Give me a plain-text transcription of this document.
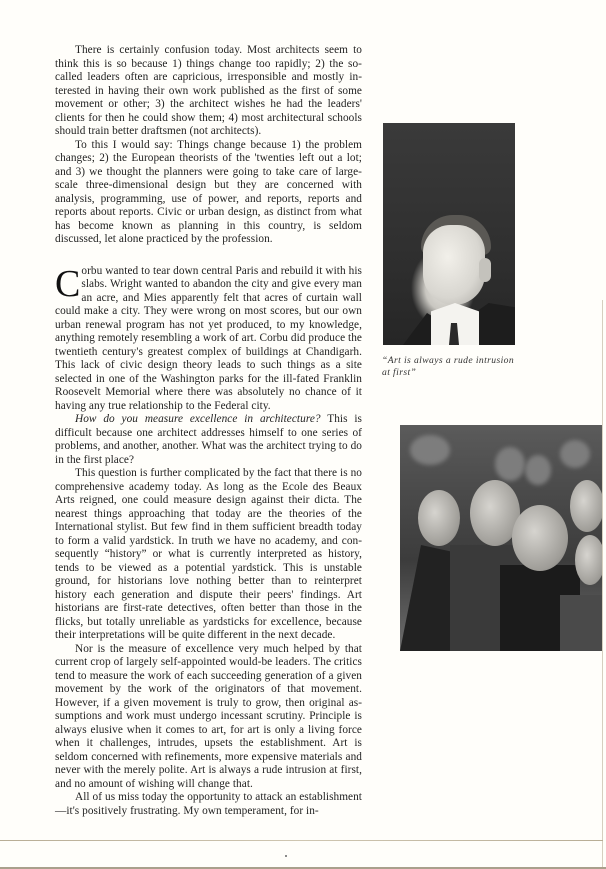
There is certainly confusion today. Most architects seem to think this is so because 1) things change too rapidly; 2) the so-called leaders often are capricious, irresponsible and mostly interested in having their own work published as the first of some movement or other; 3) the architect wishes he had the leaders' clients for then he could show them; 4) most architectural schools should train better draftsmen (not architects).

To this I would say: Things change because 1) the problem changes; 2) the European theorists of the 'twenties left out a lot; and 3) we thought the planners were going to take care of large-scale three-dimensional design but they are concerned with analysis, programming, use of power, and reports, reports and reports about reports. Civic or urban design, as distinct from what has become known as planning in this country, is seldom discussed, let alone practiced by the profession.

Corbu wanted to tear down central Paris and rebuild it with his slabs. Wright wanted to abandon the city and give every man an acre, and Mies apparently felt that acres of curtain wall could make a city. They were wrong on most scores, but our own urban renewal program has not yet produced, to my knowledge, anything remotely resembling a work of art. Corbu did produce the twentieth century's greatest complex of buildings at Chandigarh. This lack of civic design theory leads to such things as a site selected in one of the Washington parks for the ill-fated Franklin Roosevelt Memorial where there was absolutely no chance of it having any true relationship to the Federal city.

How do you measure excellence in architecture? This is difficult because one architect addresses himself to one series of problems, and another, another. What was the architect trying to do in the first place?

This question is further complicated by the fact that there is no comprehensive academy today. As long as the Ecole des Beaux Arts reigned, one could measure design against their dicta. The nearest things approaching that today are the theories of the International stylist. But few find in them sufficient breadth today to form a valid yardstick. In truth we have no academy, and consequently “history” or what is currently interpreted as history, tends to be viewed as a potential yardstick. This is unstable ground, for historians love nothing better than to reinterpret history each generation and dispute their peers' findings. Art historians are first-rate detectives, often better than those in the flicks, but totally unreliable as yardsticks for excellence, because their interpretations will be quite different in the next decade.

Nor is the measure of excellence very much helped by that current crop of largely self-appointed would-be leaders. The critics tend to measure the work of each succeeding generation of a given movement by the work of the originators of that movement. However, if a given movement is truly to grow, then original assumptions and work must undergo incessant scrutiny. Principle is always elusive when it comes to art, for art is only a living force when it challenges, intrudes, upsets the establishment. Art is seldom concerned with refinements, more expensive materials and never with the merely polite. Art is always a rude intrusion at first, and no amount of wishing will change that.

All of us miss today the opportunity to attack an establishment—it's positively frustrating. My own temperament, for in-

“Art is always a rude intrusion at first”
